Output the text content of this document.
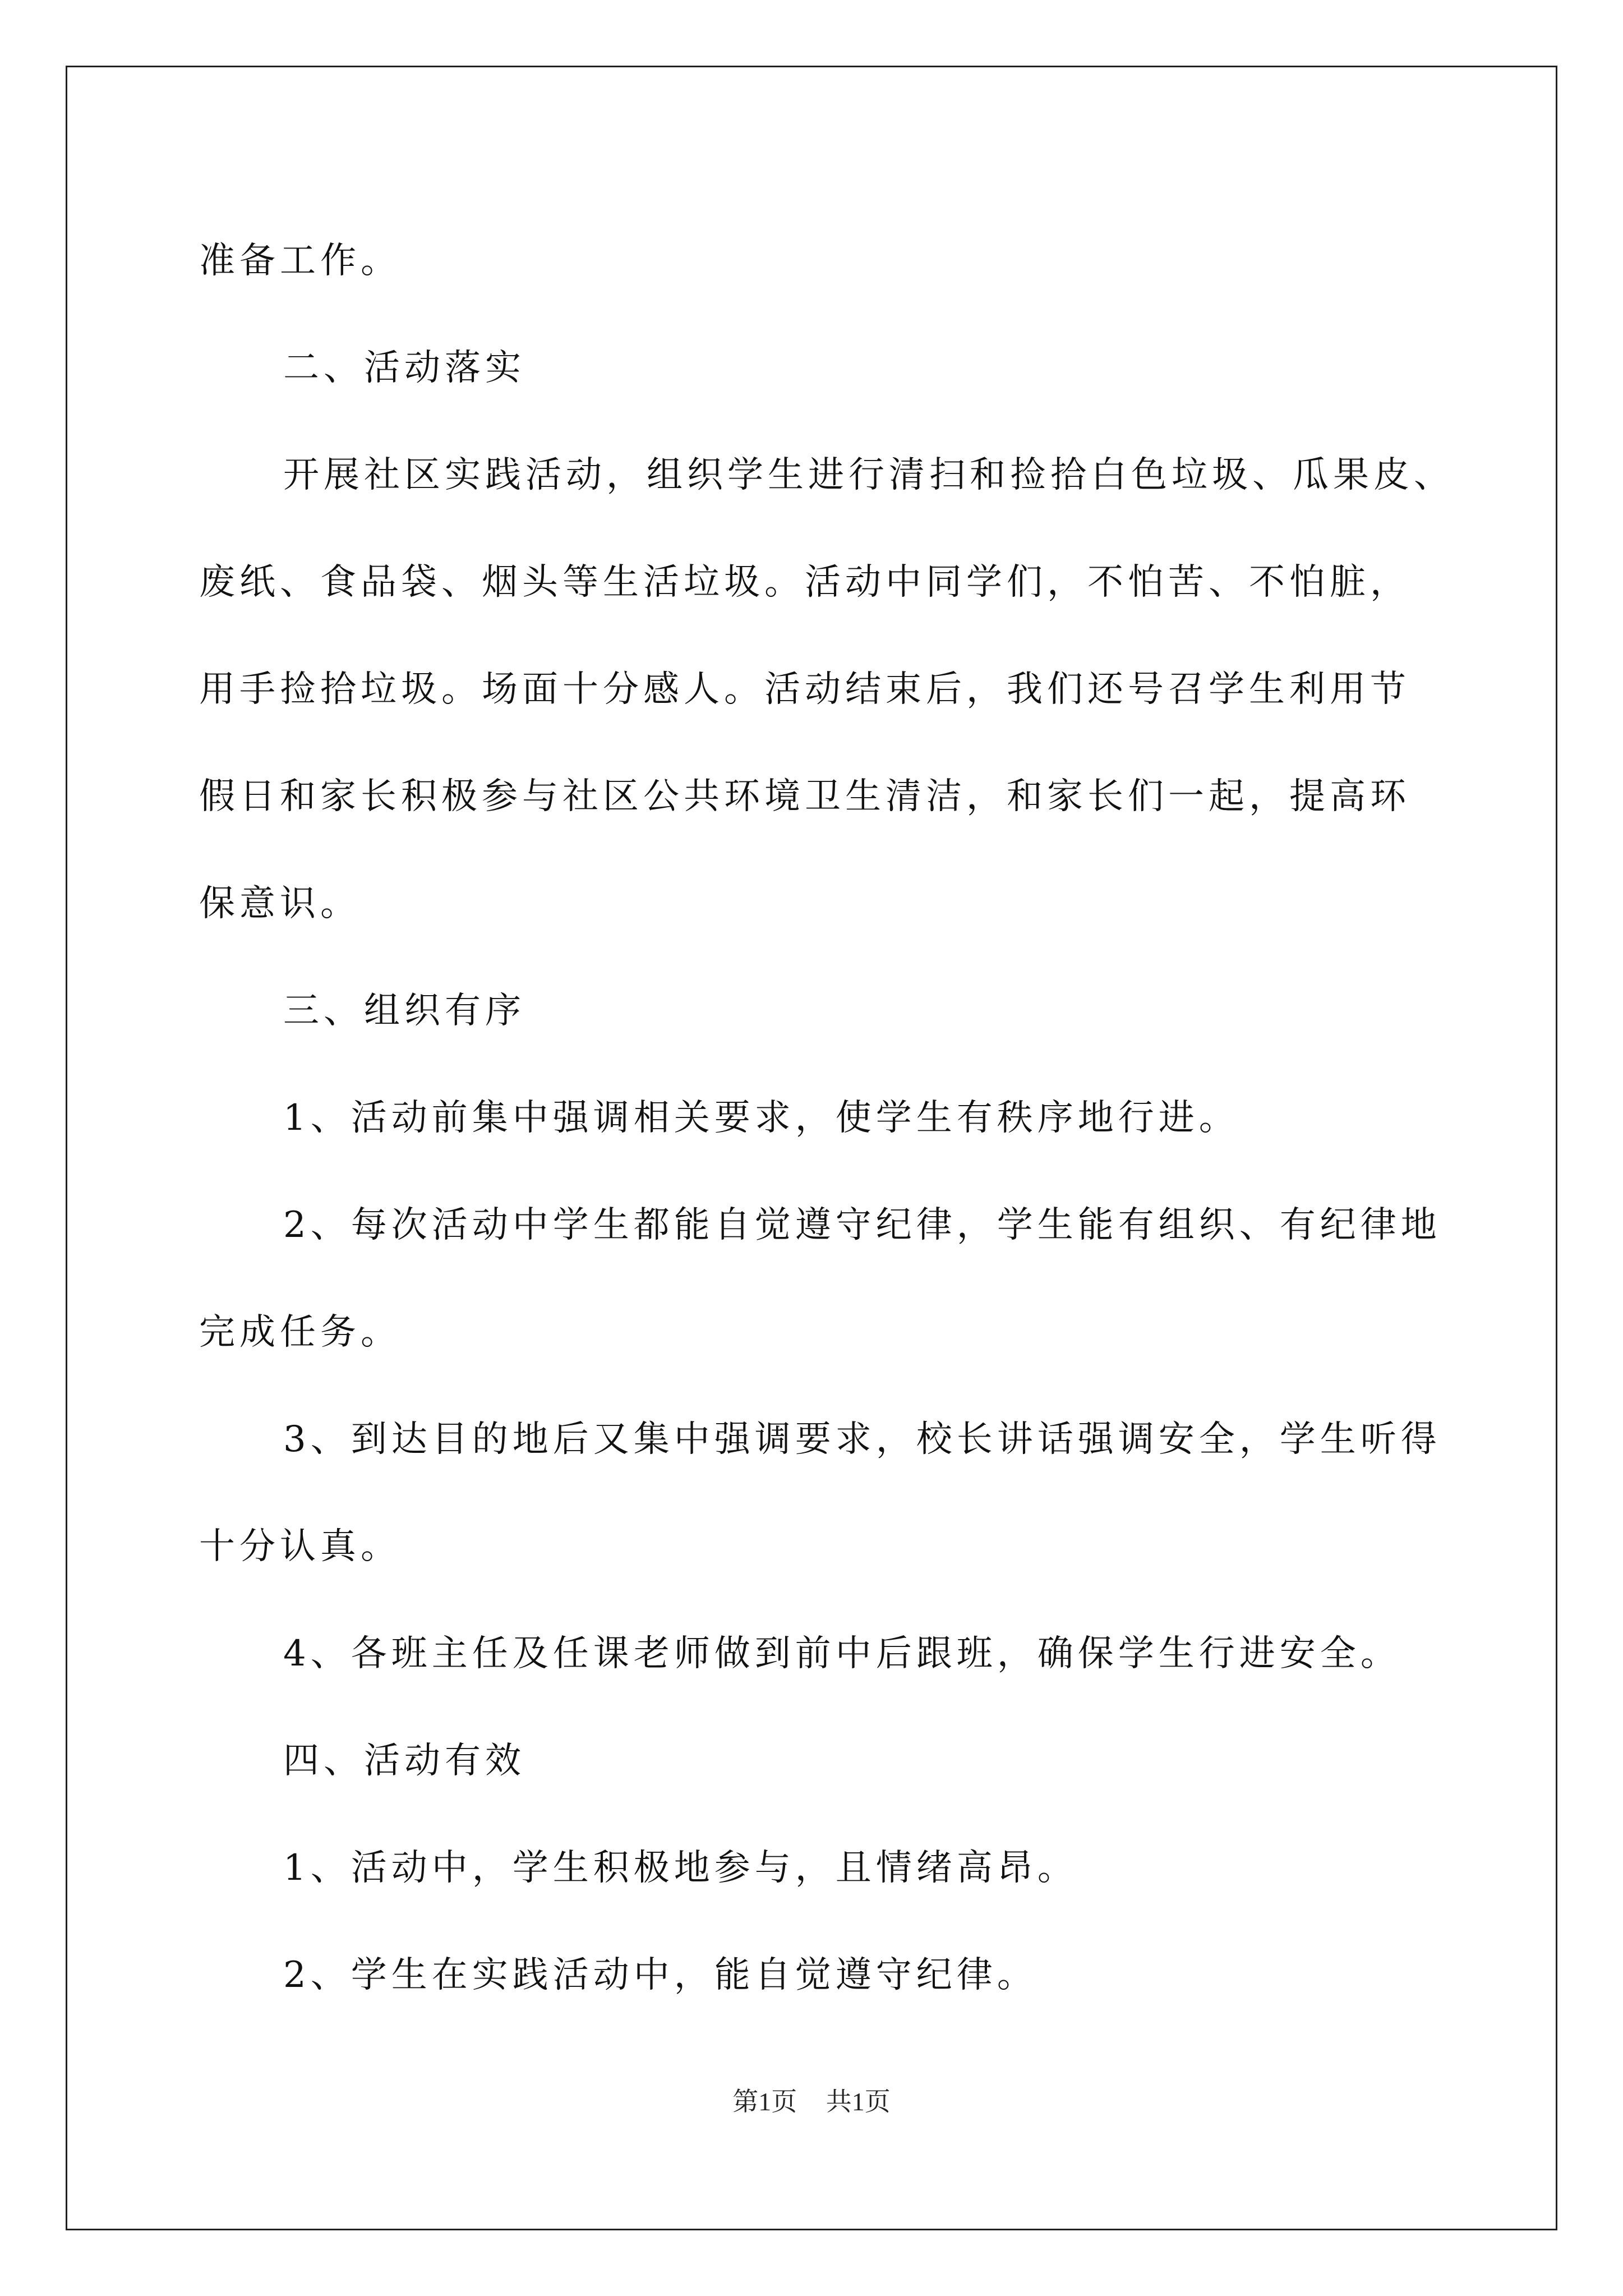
准备工作。

二、活动落实

开展社区实践活动，组织学生进行清扫和捡拾白色垃圾、瓜果皮、

废纸、食品袋、烟头等生活垃圾。活动中同学们，不怕苦、不怕脏，

用手捡拾垃圾。场面十分感人。活动结束后，我们还号召学生利用节

假日和家长积极参与社区公共环境卫生清洁，和家长们一起，提高环

保意识。

三、组织有序

1、活动前集中强调相关要求，使学生有秩序地行进。

2、每次活动中学生都能自觉遵守纪律，学生能有组织、有纪律地

完成任务。

3、到达目的地后又集中强调要求，校长讲话强调安全，学生听得

十分认真。

4、各班主任及任课老师做到前中后跟班，确保学生行进安全。

四、活动有效

1、活动中，学生积极地参与，且情绪高昂。

2、学生在实践活动中，能自觉遵守纪律。

第1页 共1页
